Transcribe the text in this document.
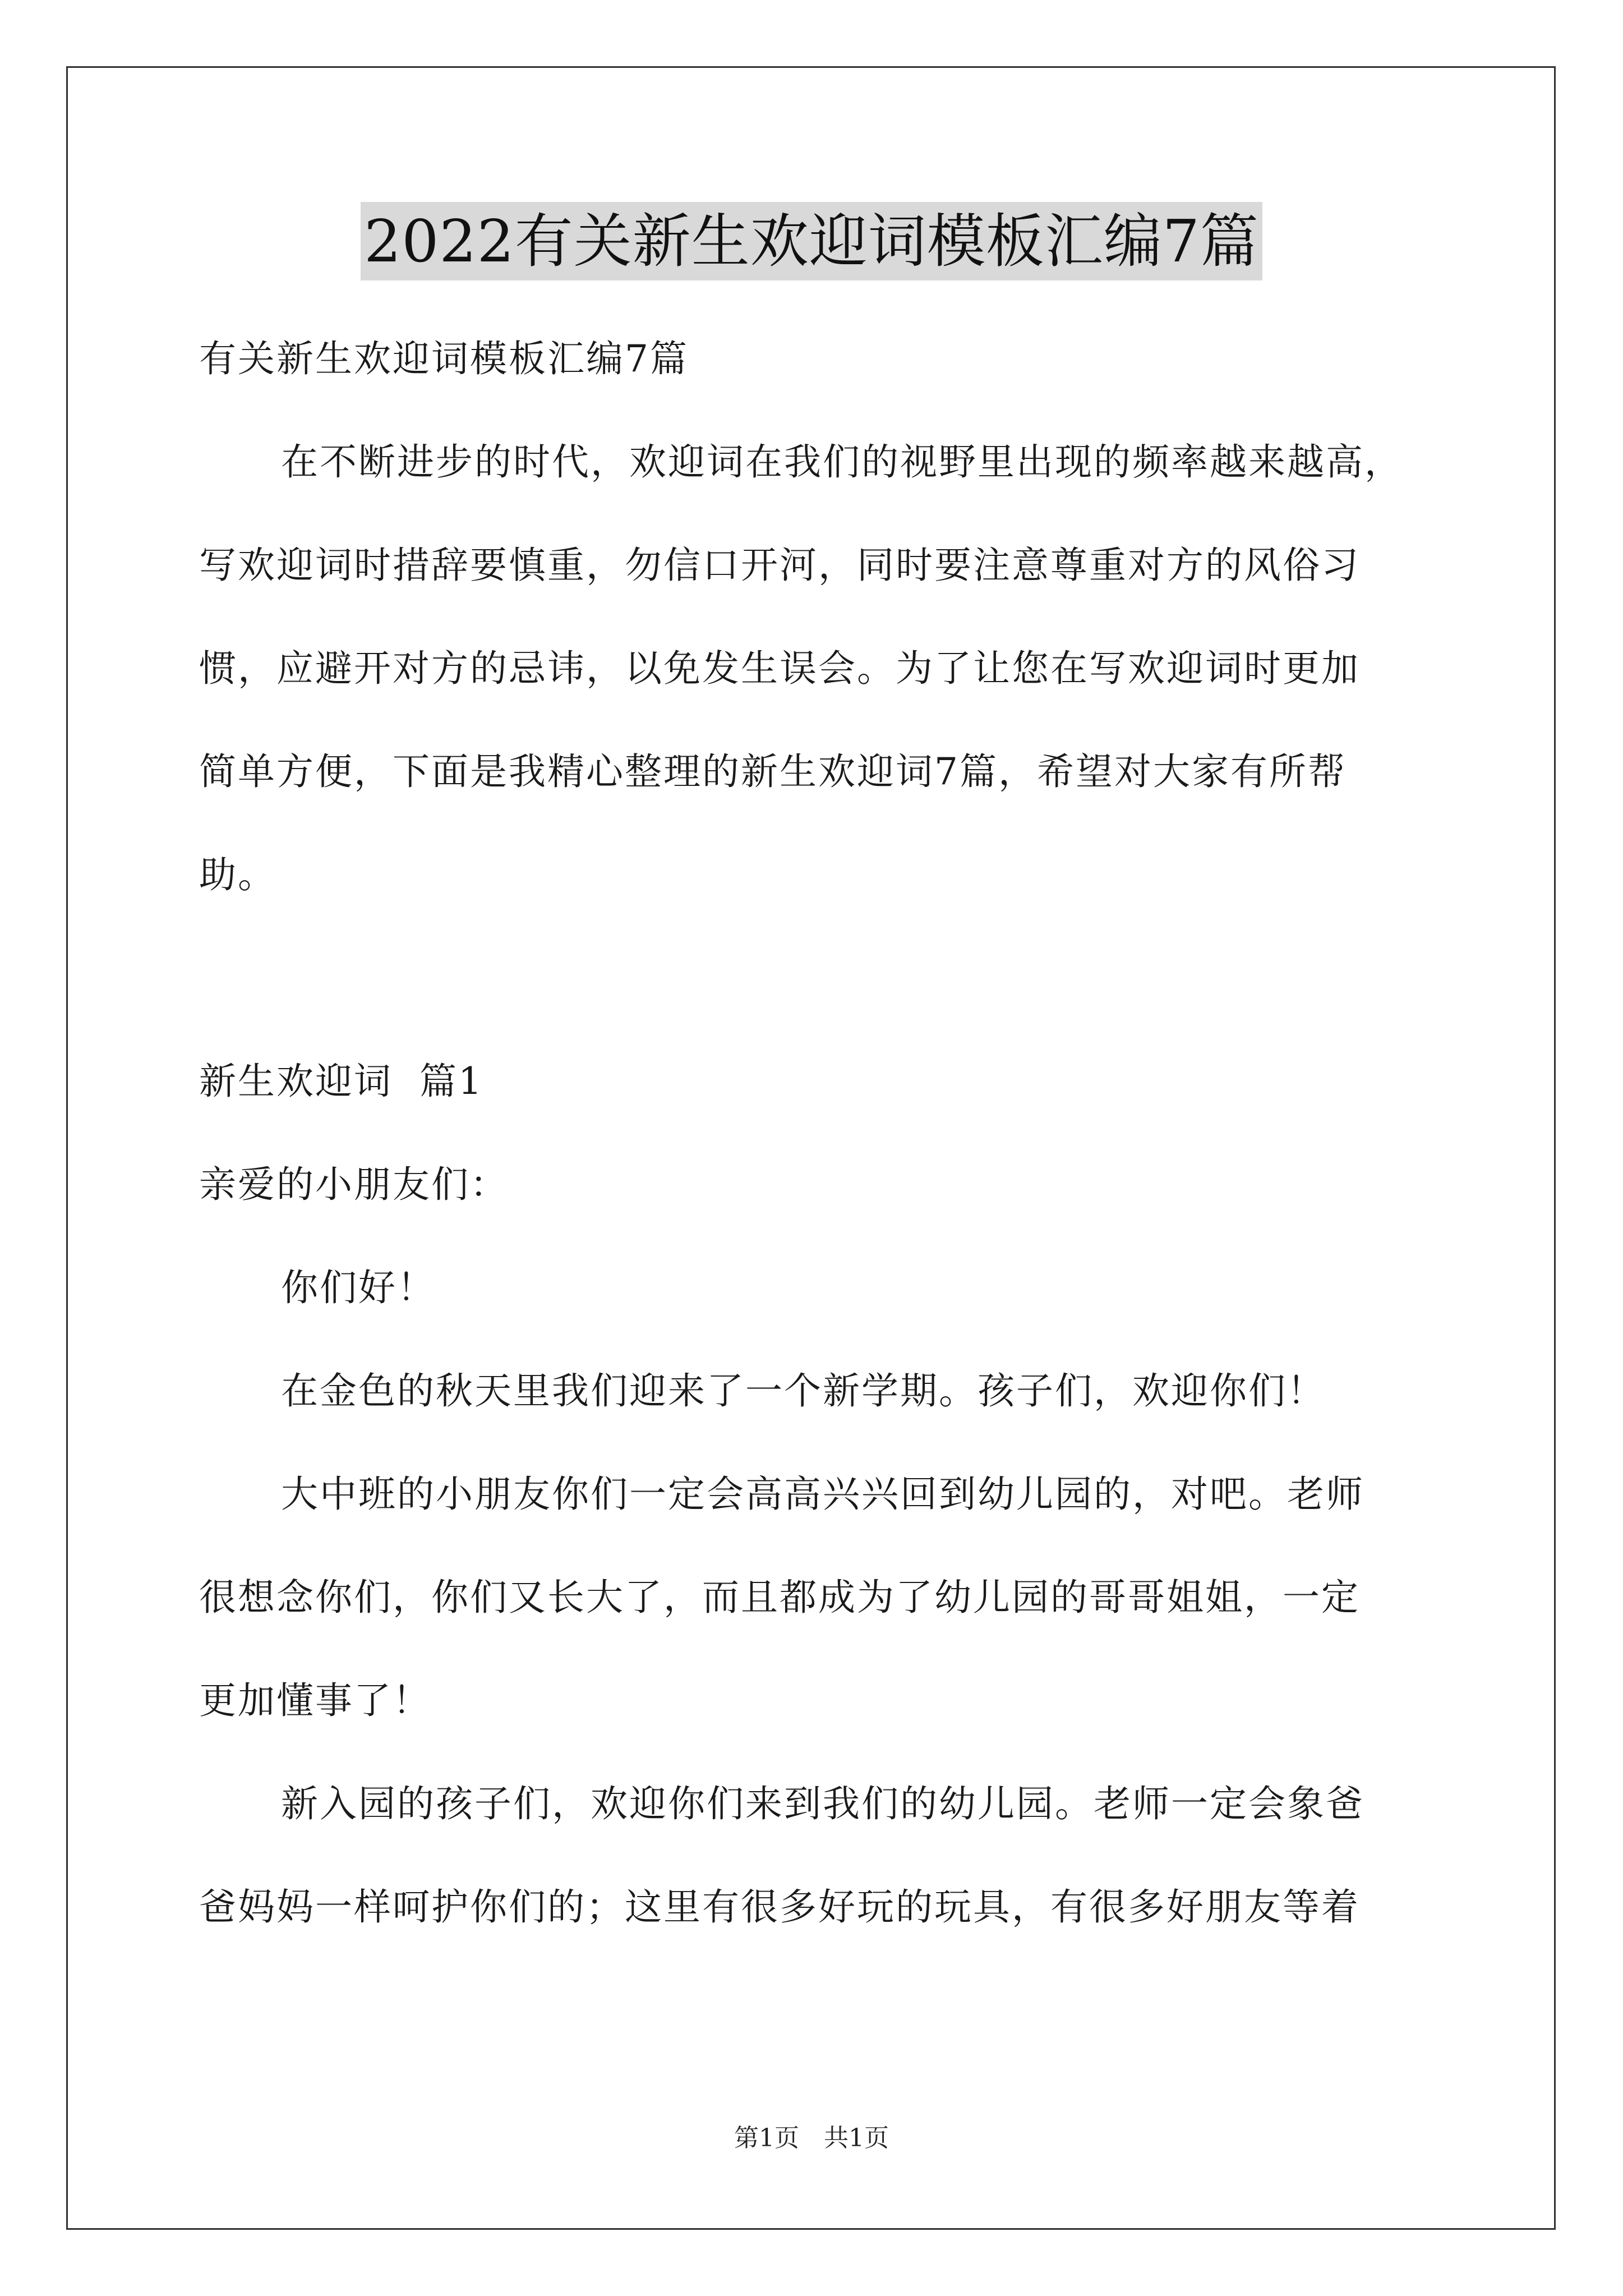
2022有关新生欢迎词模板汇编7篇
有关新生欢迎词模板汇编7篇
在不断进步的时代，欢迎词在我们的视野里出现的频率越来越高，
写欢迎词时措辞要慎重，勿信口开河，同时要注意尊重对方的风俗习
惯，应避开对方的忌讳，以免发生误会。为了让您在写欢迎词时更加
简单方便，下面是我精心整理的新生欢迎词7篇，希望对大家有所帮
助。
新生欢迎词  篇1
亲爱的小朋友们：
你们好！
在金色的秋天里我们迎来了一个新学期。孩子们，欢迎你们！
大中班的小朋友你们一定会高高兴兴回到幼儿园的，对吧。老师
很想念你们，你们又长大了，而且都成为了幼儿园的哥哥姐姐，一定
更加懂事了！
新入园的孩子们，欢迎你们来到我们的幼儿园。老师一定会象爸
爸妈妈一样呵护你们的；这里有很多好玩的玩具，有很多好朋友等着
第1页　共1页
